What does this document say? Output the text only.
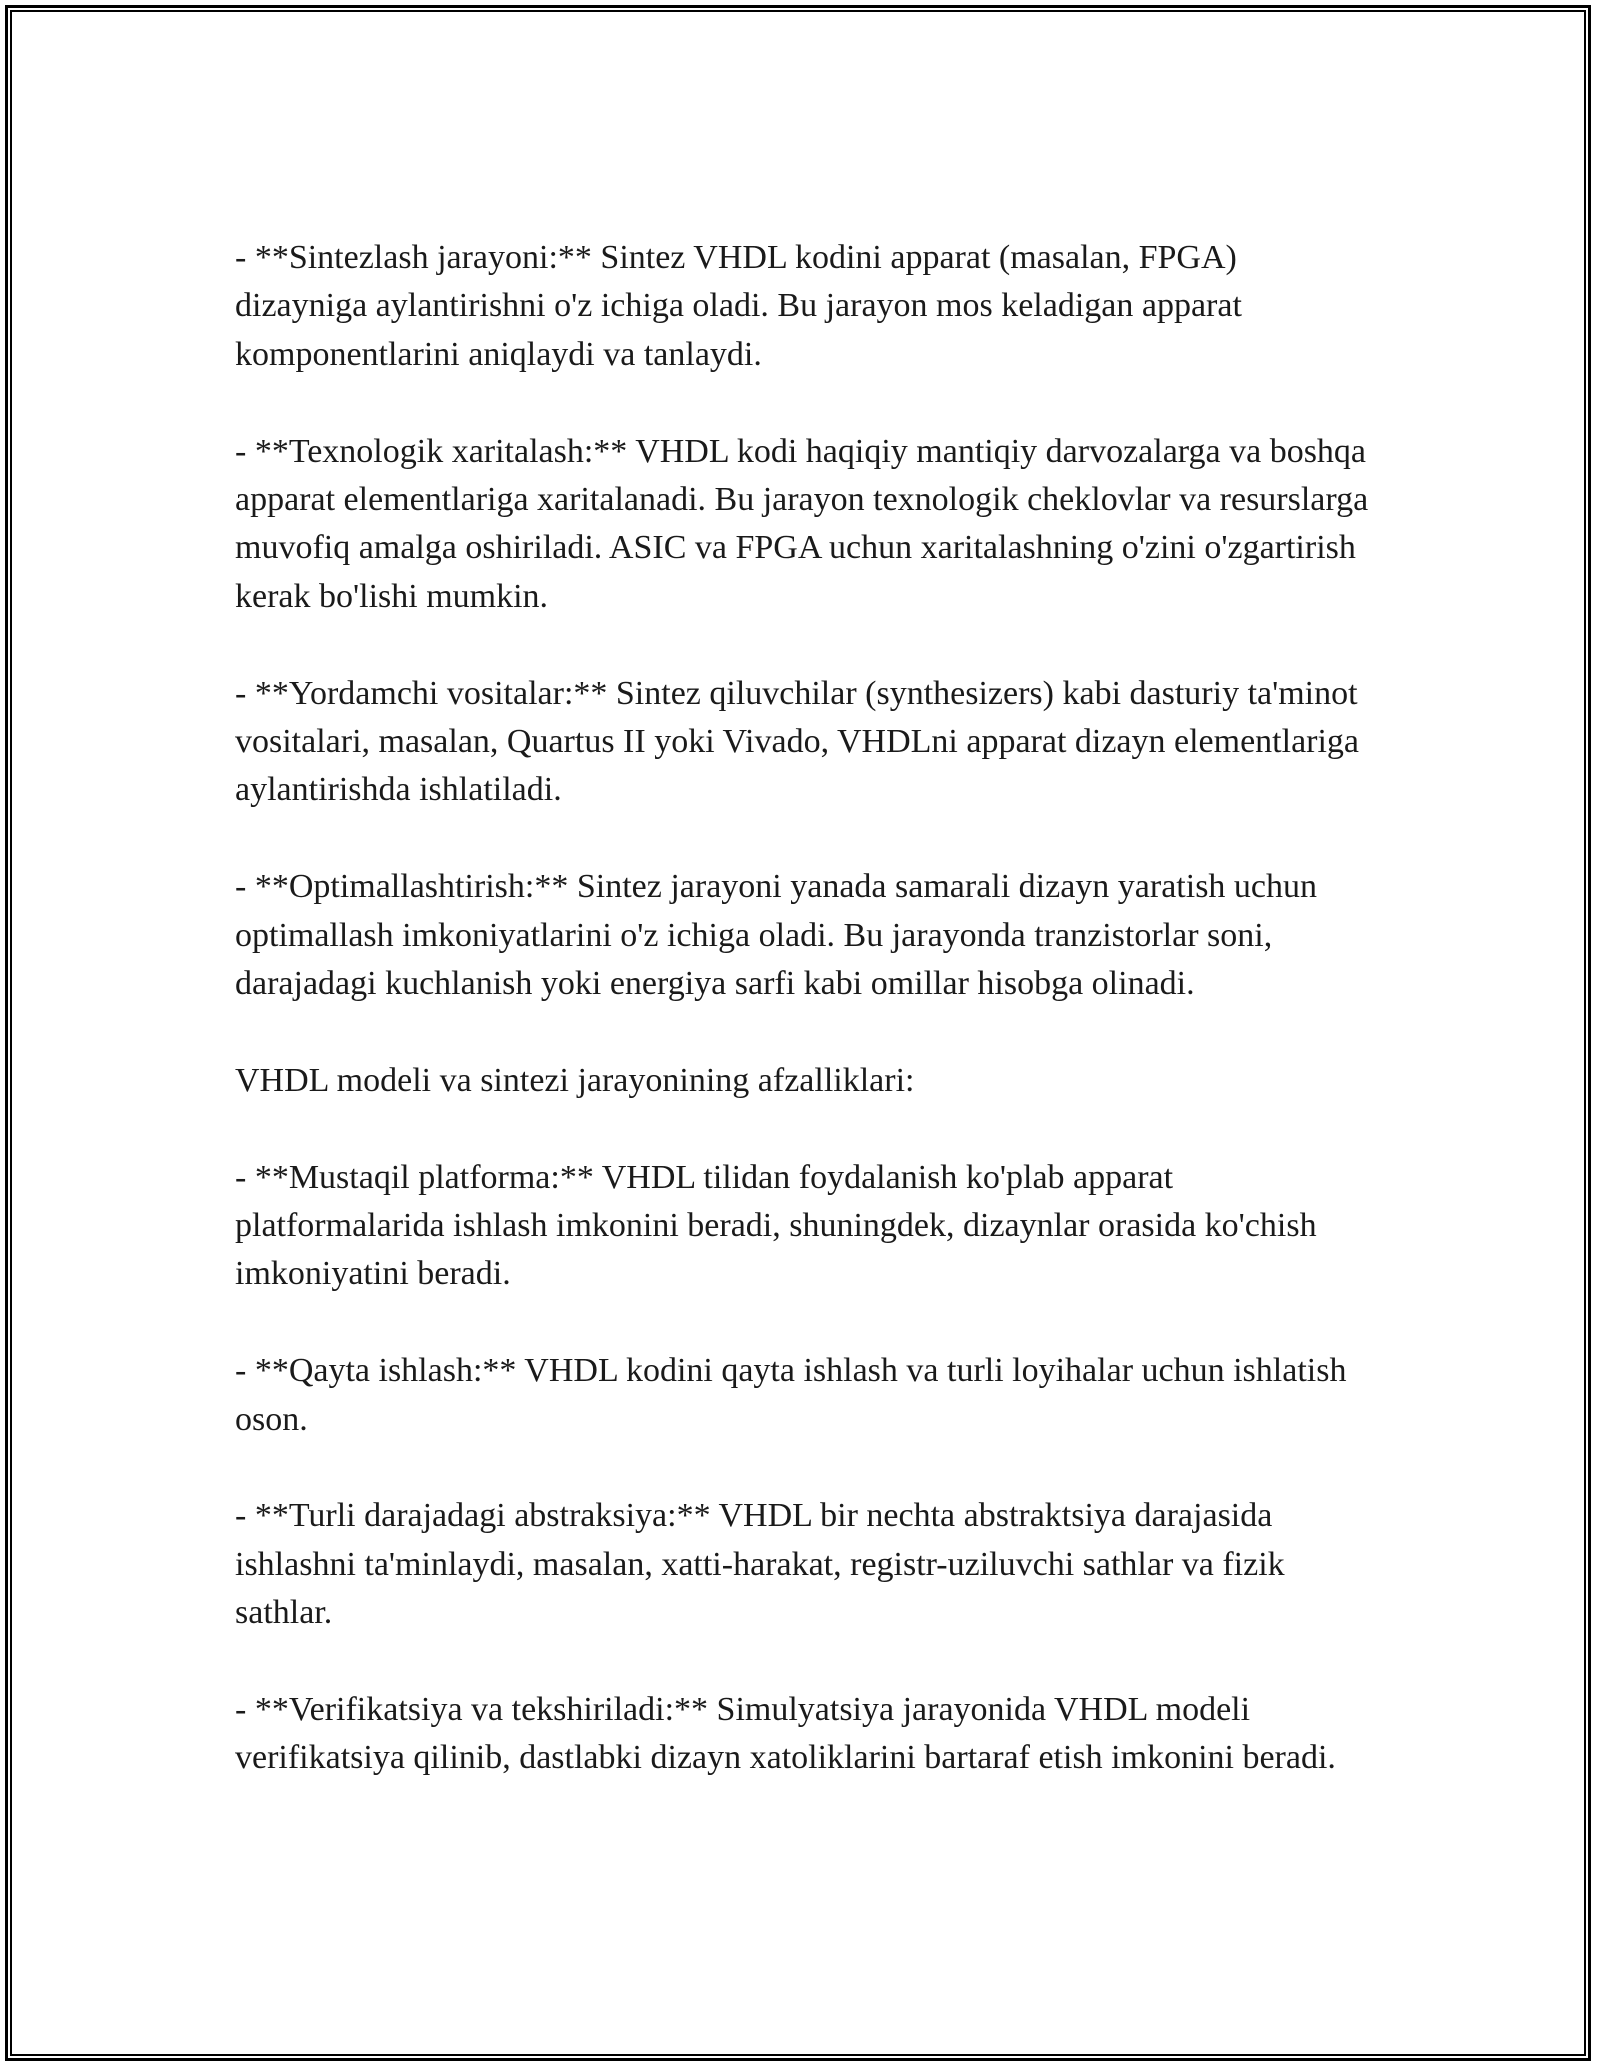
- **Sintezlash jarayoni:** Sintez VHDL kodini apparat (masalan, FPGA) dizayniga aylantirishni o'z ichiga oladi. Bu jarayon mos keladigan apparat komponentlarini aniqlaydi va tanlaydi.

- **Texnologik xaritalash:** VHDL kodi haqiqiy mantiqiy darvozalarga va boshqa apparat elementlariga xaritalanadi. Bu jarayon texnologik cheklovlar va resurslarga muvofiq amalga oshiriladi. ASIC va FPGA uchun xaritalashning o'zini o'zgartirish kerak bo'lishi mumkin.

- **Yordamchi vositalar:** Sintez qiluvchilar (synthesizers) kabi dasturiy ta'minot vositalari, masalan, Quartus II yoki Vivado, VHDLni apparat dizayn elementlariga aylantirishda ishlatiladi.

- **Optimallashtirish:** Sintez jarayoni yanada samarali dizayn yaratish uchun optimallash imkoniyatlarini o'z ichiga oladi. Bu jarayonda tranzistorlar soni, darajadagi kuchlanish yoki energiya sarfi kabi omillar hisobga olinadi.

VHDL modeli va sintezi jarayonining afzalliklari:

- **Mustaqil platforma:** VHDL tilidan foydalanish ko'plab apparat platformalarida ishlash imkonini beradi, shuningdek, dizaynlar orasida ko'chish imkoniyatini beradi.

- **Qayta ishlash:** VHDL kodini qayta ishlash va turli loyihalar uchun ishlatish oson.

- **Turli darajadagi abstraksiya:** VHDL bir nechta abstraktsiya darajasida ishlashni ta'minlaydi, masalan, xatti-harakat, registr-uziluvchi sathlar va fizik sathlar.

- **Verifikatsiya va tekshiriladi:** Simulyatsiya jarayonida VHDL modeli verifikatsiya qilinib, dastlabki dizayn xatoliklarini bartaraf etish imkonini beradi.
